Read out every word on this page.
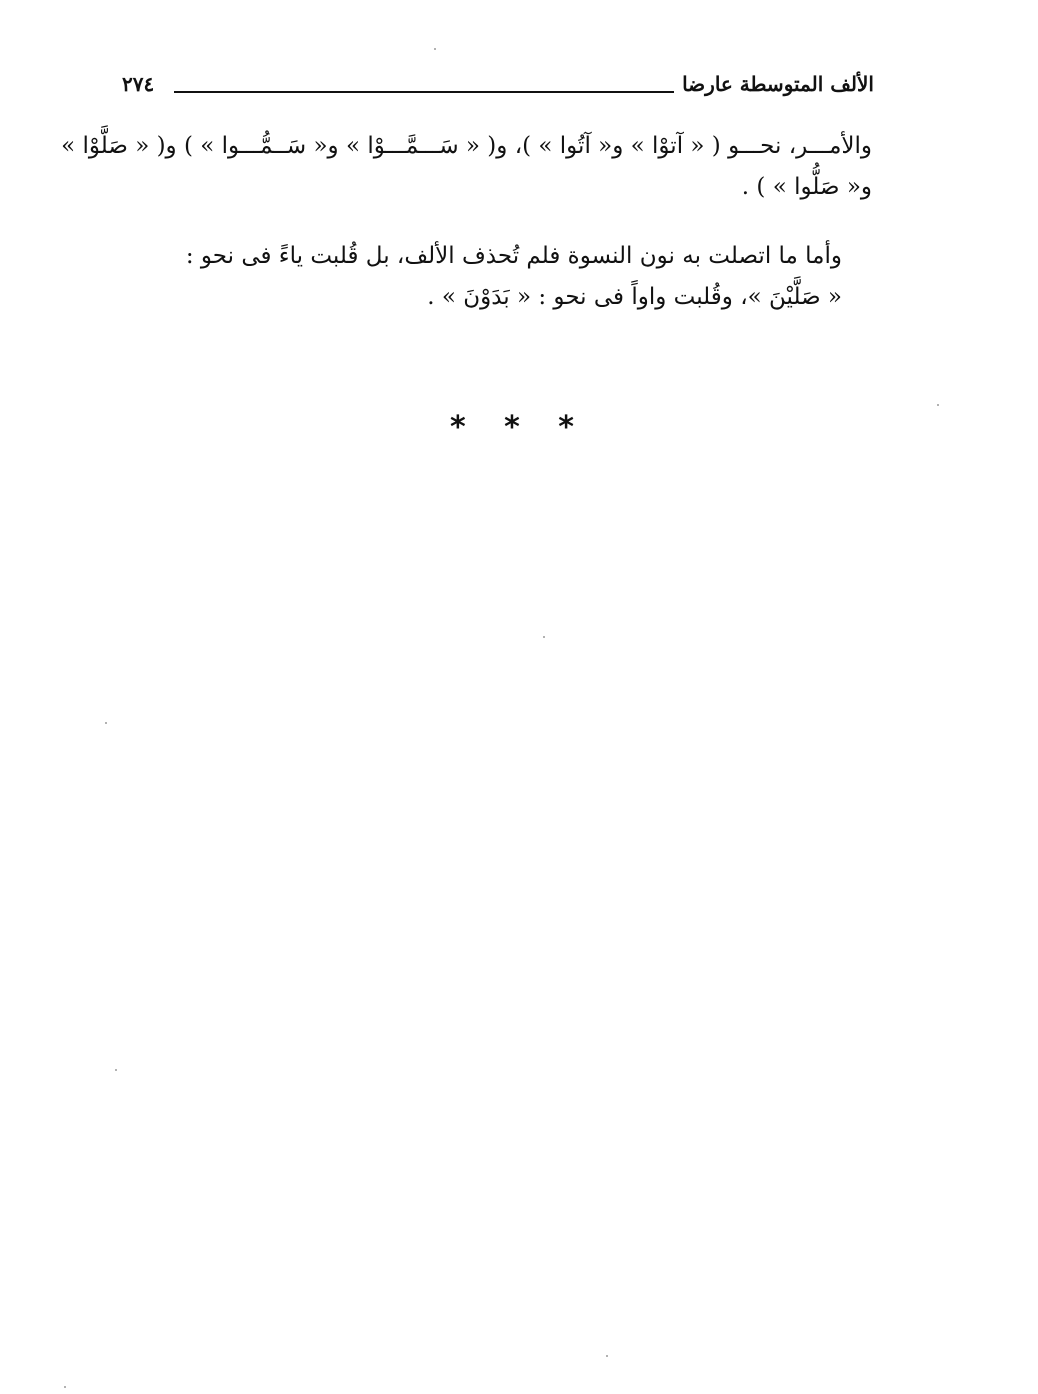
الألف المتوسطة عارضا
٢٧٤
والأمـــر، نحـــو ( « آتوْا » و« آتُوا » )، و( « سَـــمَّـــوْا » و« سَــمُّـــوا » ) و( « صَلَّوْا »
و« صَلُّوا » ) .
وأما ما اتصلت به نون النسوة فلم تُحذف الألف، بل قُلبت ياءً فى نحو :
« صَلَّيْنَ »، وقُلبت واواً فى نحو : « بَدَوْنَ » .
* * *
